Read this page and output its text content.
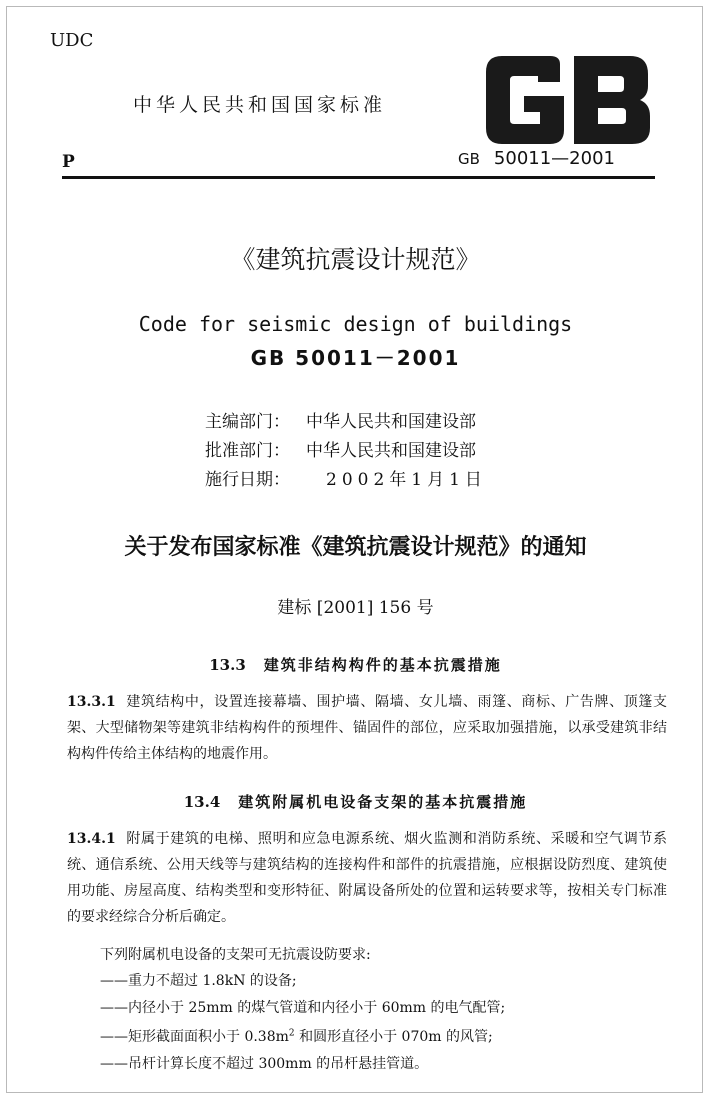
UDC
中华人民共和国国家标准
P	GB 50011—2001
《建筑抗震设计规范》
Code for seismic design of buildings
GB 50011－2001
主编部门： 中华人民共和国建设部
批准部门： 中华人民共和国建设部
施行日期： 2002年1月1日
关于发布国家标准《建筑抗震设计规范》的通知
建标 [2001] 156 号
13.3 建筑非结构构件的基本抗震措施
13.3.1 建筑结构中，设置连接幕墙、围护墙、隔墙、女儿墙、雨篷、商标、广告牌、顶篷支架、大型储物架等建筑非结构构件的预埋件、锚固件的部位，应采取加强措施，以承受建筑非结构构件传给主体结构的地震作用。
13.4 建筑附属机电设备支架的基本抗震措施
13.4.1 附属于建筑的电梯、照明和应急电源系统、烟火监测和消防系统、采暖和空气调节系统、通信系统、公用天线等与建筑结构的连接构件和部件的抗震措施，应根据设防烈度、建筑使用功能、房屋高度、结构类型和变形特征、附属设备所处的位置和运转要求等，按相关专门标准的要求经综合分析后确定。
下列附属机电设备的支架可无抗震设防要求:
——重力不超过 1.8kN 的设备;
——内径小于 25mm 的煤气管道和内径小于 60mm 的电气配管;
——矩形截面面积小于 $0.38m^2$ 和圆形直径小于 070m 的风管;
——吊杆计算长度不超过 300mm 的吊杆悬挂管道。
